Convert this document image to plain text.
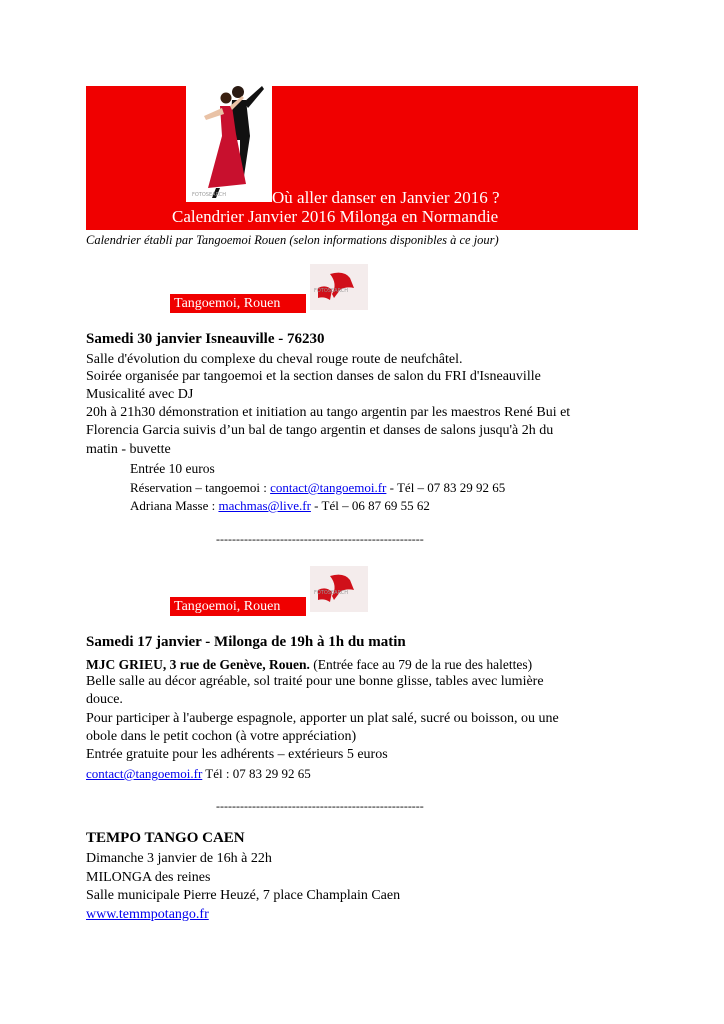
Où aller danser en Janvier 2016 ?
Calendrier Janvier 2016 Milonga en Normandie
FOTOSEARCH
Calendrier établi par Tangoemoi Rouen (selon informations disponibles à ce jour)
FOTOSEARCH
Tangoemoi, Rouen
Samedi 30 janvier Isneauville - 76230
Salle d'évolution du complexe du cheval rouge route de neufchâtel.
Soirée organisée par tangoemoi et la section danses de salon du FRI d'Isneauville
Musicalité avec DJ
20h à 21h30 démonstration et initiation au tango argentin par les maestros René Bui et
Florencia Garcia suivis d’un bal de tango argentin et danses de salons jusqu'à 2h du
matin - buvette
Entrée 10 euros
Réservation – tangoemoi : contact@tangoemoi.fr - Tél – 07 83 29 92 65
Adriana Masse : machmas@live.fr - Tél – 06 87 69 55 62
----------------------------------------------------
FOTOSEARCH
Tangoemoi, Rouen
Samedi 17 janvier - Milonga de 19h à 1h du matin
MJC GRIEU, 3 rue de Genève, Rouen. (Entrée face au 79 de la rue des halettes)
Belle salle au décor agréable, sol traité pour une bonne glisse, tables avec lumière
douce.
Pour participer à l'auberge espagnole, apporter un plat salé, sucré ou boisson, ou une
obole dans le petit cochon (à votre appréciation)
Entrée gratuite pour les adhérents – extérieurs 5 euros
contact@tangoemoi.fr Tél : 07 83 29 92 65
----------------------------------------------------
TEMPO TANGO CAEN
Dimanche 3 janvier de 16h à 22h
MILONGA des reines
Salle municipale Pierre Heuzé, 7 place Champlain Caen
www.temmpotango.fr
